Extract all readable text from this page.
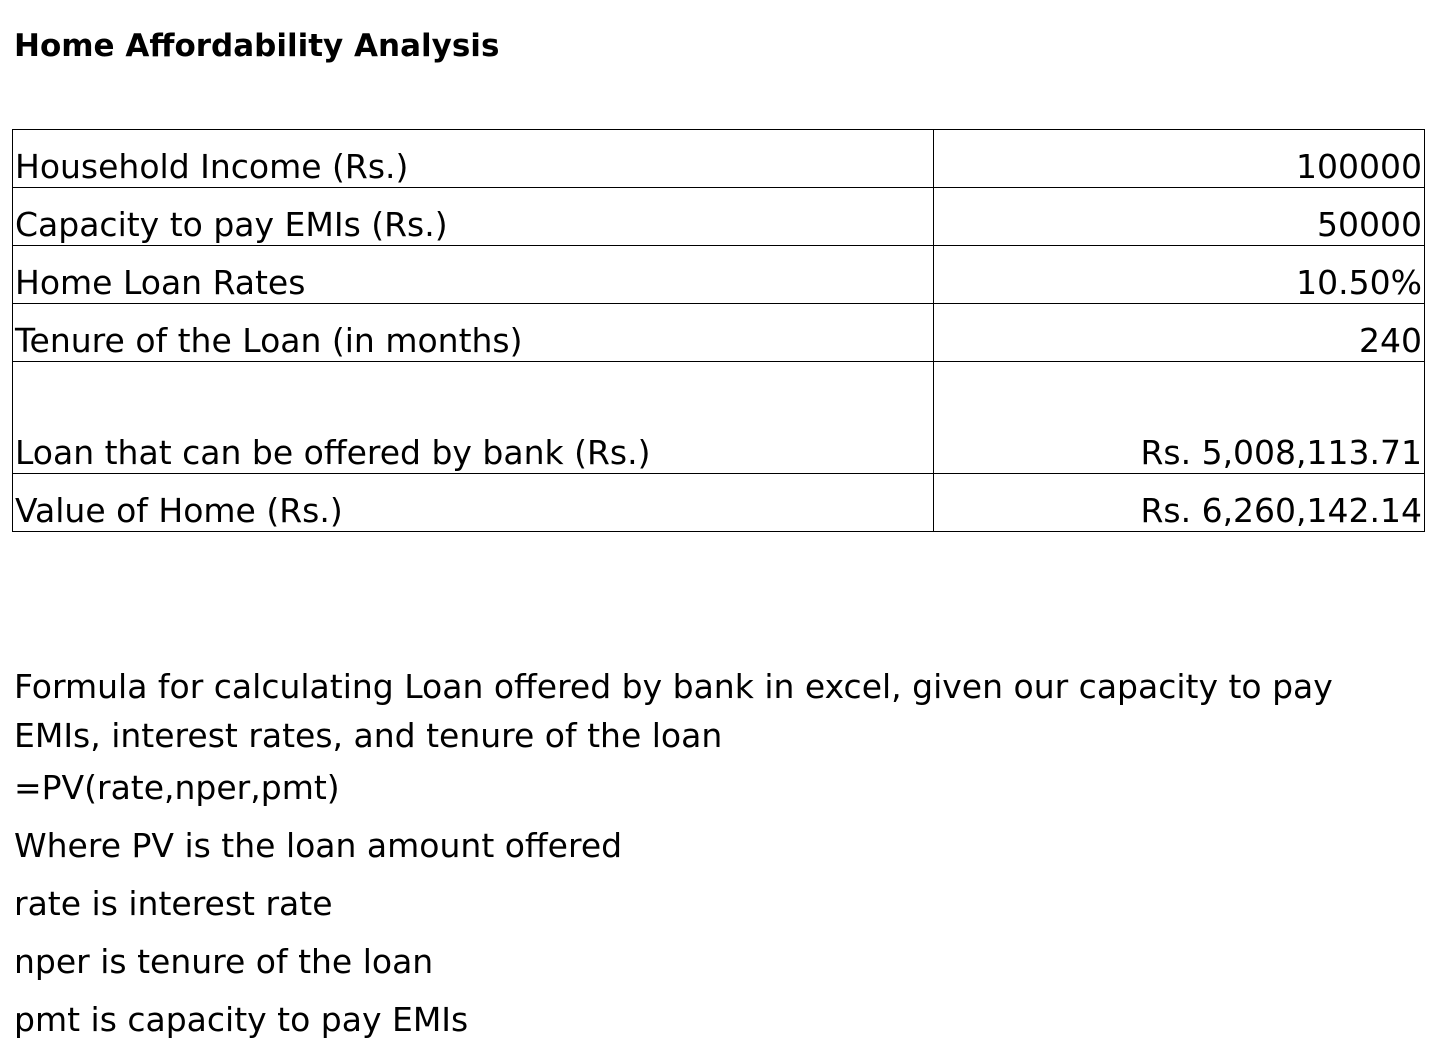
Home Affordability Analysis
Household Income (Rs.)	100000
Capacity to pay EMIs (Rs.)	50000
Home Loan Rates	10.50%
Tenure of the Loan (in months)	240
Loan that can be offered by bank (Rs.)	Rs. 5,008,113.71
Value of Home (Rs.)	Rs. 6,260,142.14

Formula for calculating Loan offered by bank in excel, given our capacity to pay EMIs, interest rates, and tenure of the loan

=PV(rate,nper,pmt)

Where PV is the loan amount offered

rate is interest rate

nper is tenure of the loan

pmt is capacity to pay EMIs
